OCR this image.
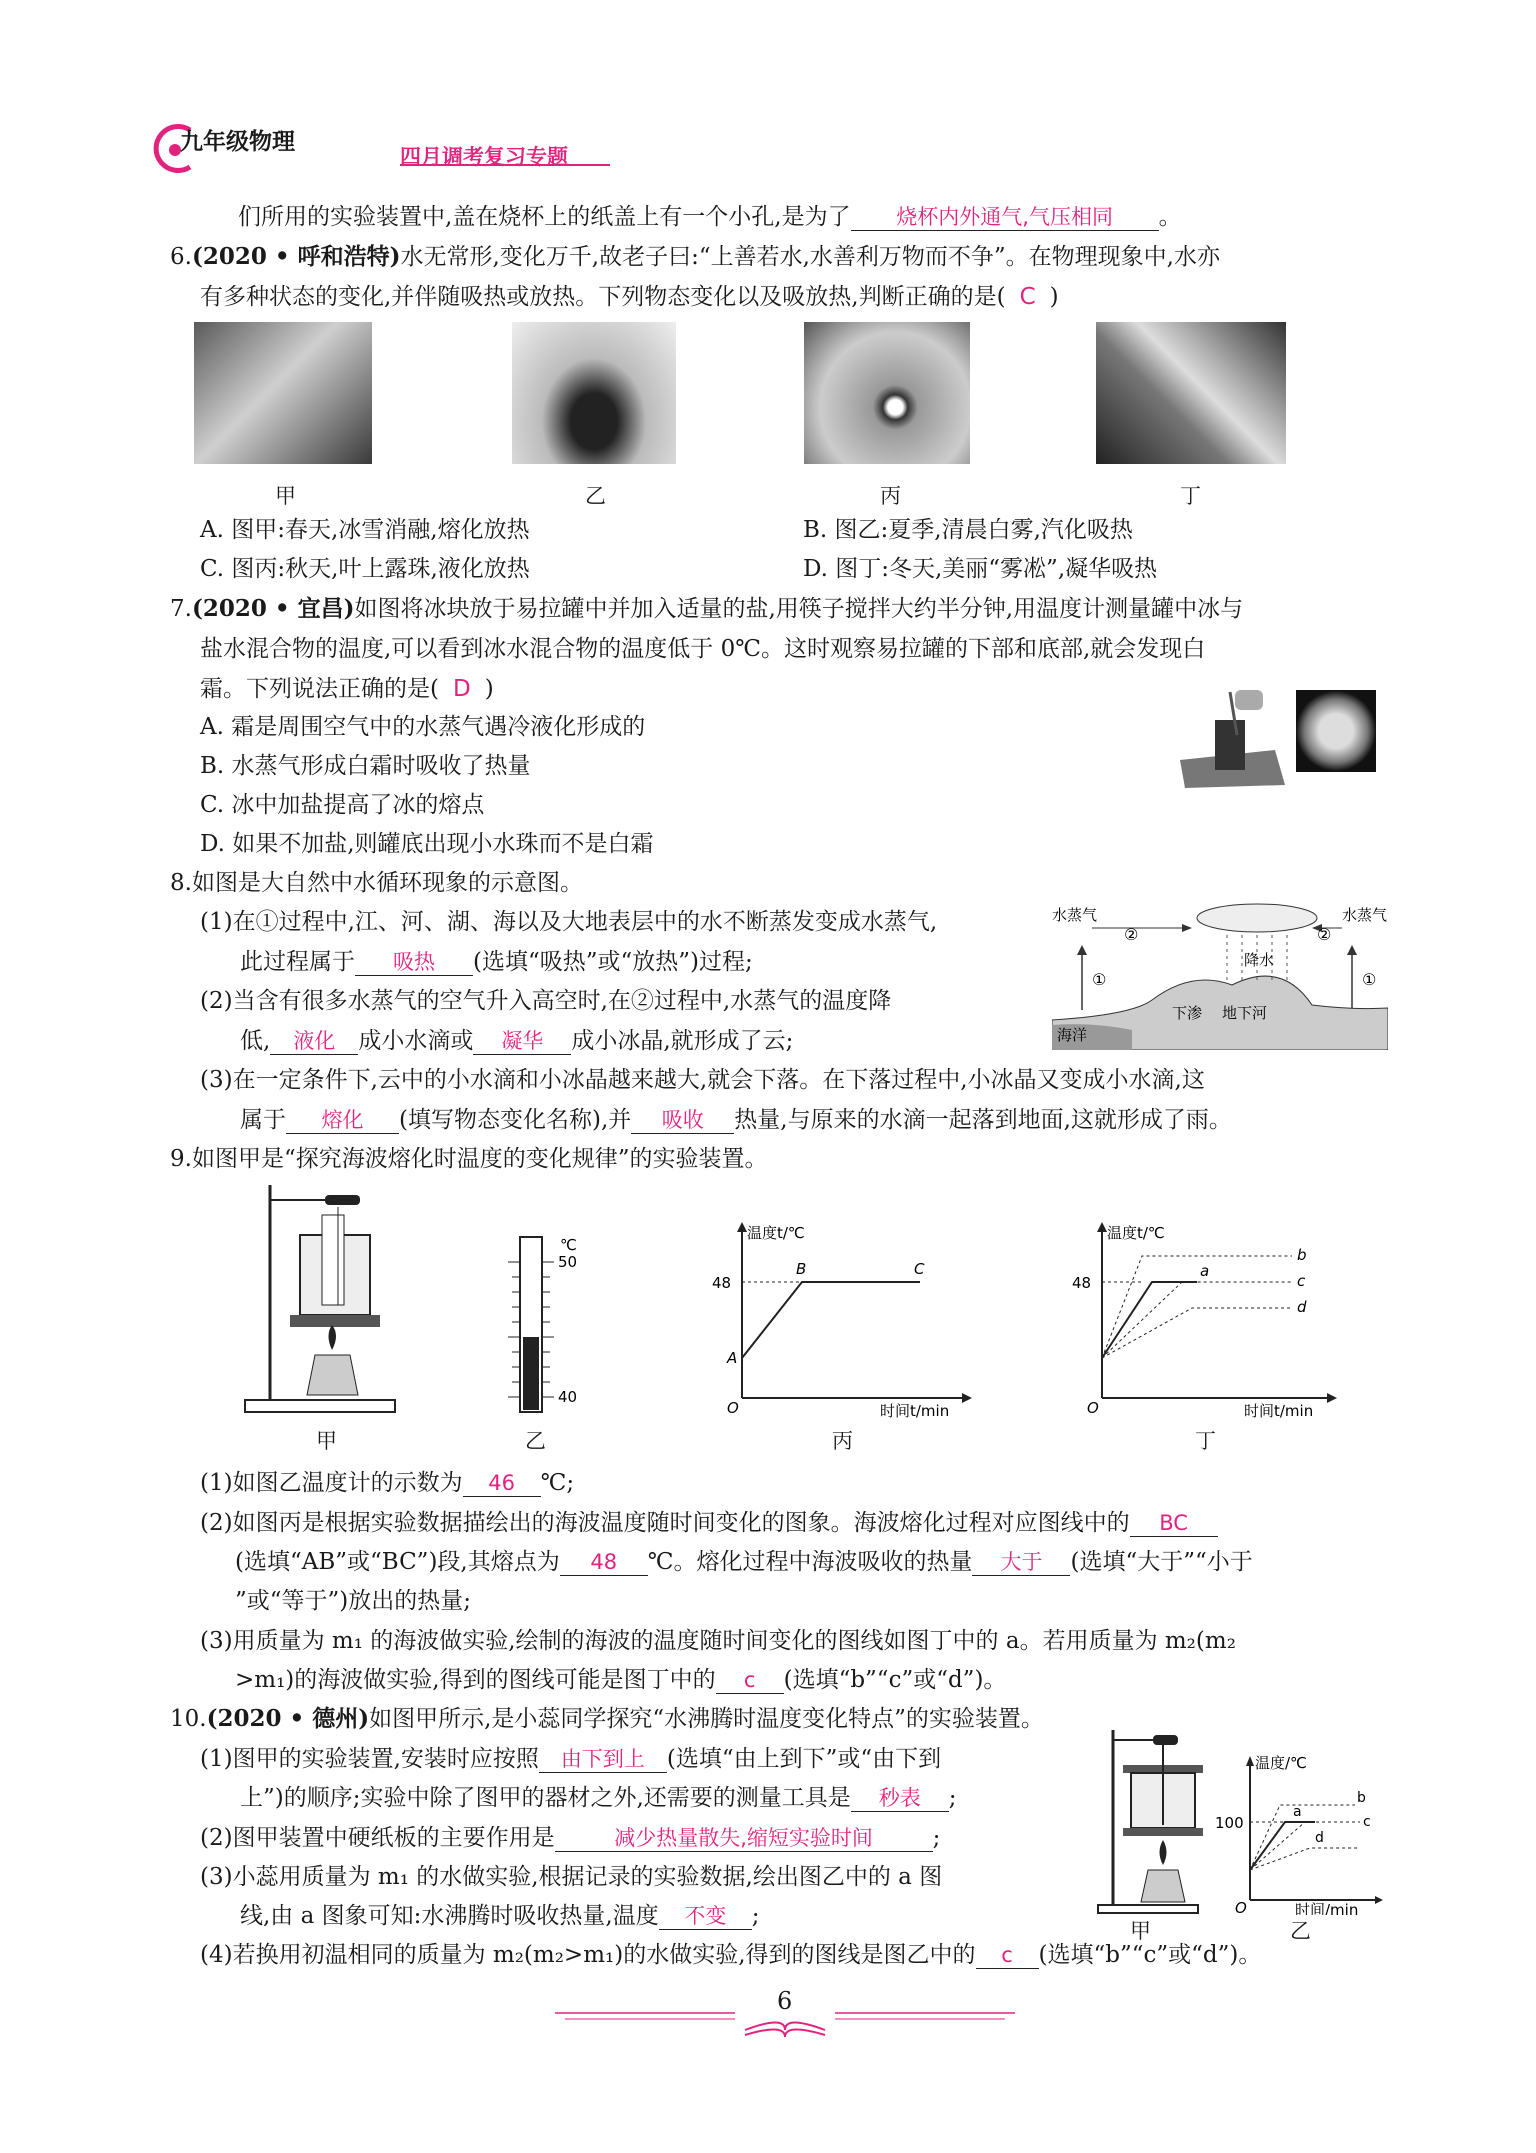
九年级物理
四月调考复习专题
们所用的实验装置中,盖在烧杯上的纸盖上有一个小孔,是为了 烧杯内外通气,气压相同 。
6.(2020 • 呼和浩特)水无常形,变化万千,故老子曰:“上善若水,水善利万物而不争”。在物理现象中,水亦
有多种状态的变化,并伴随吸热或放热。下列物态变化以及吸放热,判断正确的是( C )
甲	乙	丙	丁
A. 图甲:春天,冰雪消融,熔化放热	B. 图乙:夏季,清晨白雾,汽化吸热
C. 图丙:秋天,叶上露珠,液化放热	D. 图丁:冬天,美丽“雾凇”,凝华吸热
7.(2020 • 宜昌)如图将冰块放于易拉罐中并加入适量的盐,用筷子搅拌大约半分钟,用温度计测量罐中冰与
盐水混合物的温度,可以看到冰水混合物的温度低于 0℃。这时观察易拉罐的下部和底部,就会发现白
霜。下列说法正确的是( D )
A. 霜是周围空气中的水蒸气遇冷液化形成的
B. 水蒸气形成白霜时吸收了热量
C. 冰中加盐提高了冰的熔点
D. 如果不加盐,则罐底出现小水珠而不是白霜
8.如图是大自然中水循环现象的示意图。
(1)在①过程中,江、河、湖、海以及大地表层中的水不断蒸发变成水蒸气,
此过程属于 吸热 (选填“吸热”或“放热”)过程;
(2)当含有很多水蒸气的空气升入高空时,在②过程中,水蒸气的温度降
低, 液化 成小水滴或 凝华 成小冰晶,就形成了云;
(3)在一定条件下,云中的小水滴和小冰晶越来越大,就会下落。在下落过程中,小冰晶又变成小水滴,这
属于 熔化 (填写物态变化名称),并 吸收 热量,与原来的水滴一起落到地面,这就形成了雨。
水蒸气	水蒸气
②	②
①	①
降水
海洋
下渗 地下河
9.如图甲是“探究海波熔化时温度的变化规律”的实验装置。
℃
50
40
温度t/℃
时间t/min
48
A
B	C
O
温度t/℃
时间t/min
48
a
b
c
d
O
甲	乙	丙	丁
(1)如图乙温度计的示数为 46 ℃;
(2)如图丙是根据实验数据描绘出的海波温度随时间变化的图象。海波熔化过程对应图线中的 BC
(选填“AB”或“BC”)段,其熔点为 48 ℃。熔化过程中海波吸收的热量 大于 (选填“大于”“小于
”或“等于”)放出的热量;
(3)用质量为 m₁ 的海波做实验,绘制的海波的温度随时间变化的图线如图丁中的 a。若用质量为 m₂(m₂
>m₁)的海波做实验,得到的图线可能是图丁中的 c (选填“b”“c”或“d”)。
10.(2020 • 德州)如图甲所示,是小蕊同学探究“水沸腾时温度变化特点”的实验装置。
(1)图甲的实验装置,安装时应按照 由下到上 (选填“由上到下”或“由下到
上”)的顺序;实验中除了图甲的器材之外,还需要的测量工具是 秒表 ;
(2)图甲装置中硬纸板的主要作用是	减少热量散失,缩短实验时间	;
(3)小蕊用质量为 m₁ 的水做实验,根据记录的实验数据,绘出图乙中的 a 图
线,由 a 图象可知:水沸腾时吸收热量,温度 不变 ;
(4)若换用初温相同的质量为 m₂(m₂>m₁)的水做实验,得到的图线是图乙中的 c (选填“b”“c”或“d”)。
温度/℃
时间/min
100
a
b
c
d
O
甲	乙
6
